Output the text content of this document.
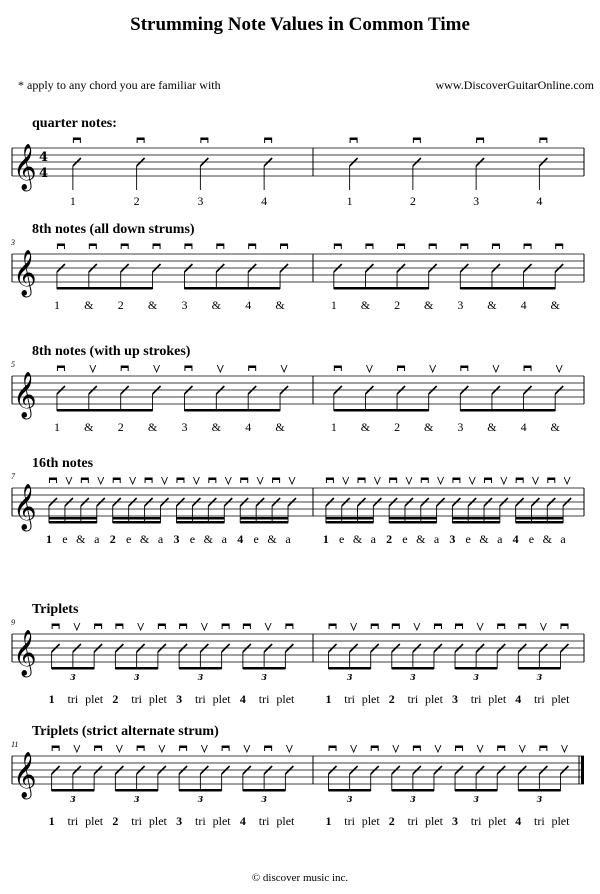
Strumming Note Values in Common Time
* apply to any chord you are familiar with	www.DiscoverGuitarOnline.com
quarter notes:
𝄞 4
4
1	2	3	4	1	2	3	4
8th notes (all down strums)
3
𝄞
1	&	2	&	3	&	4	&	1	&	2	&	3	&	4	&
8th notes (with up strokes)
5
𝄞
1	&	2	&	3	&	4	&	1	&	2	&	3	&	4	&
16th notes
7
𝄞
1 e & a 2 e & a 3 e & a 4 e & a	1 e & a 2 e & a 3 e & a 4 e & a
Triplets
9
𝄞
3	3	3	3	3	3	3	3
1	tri plet 2	tri plet 3	tri plet 4	tri plet	1	tri plet 2	tri plet 3	tri plet 4	tri plet
Triplets (strict alternate strum)
11
𝄞
3	3	3	3	3	3	3	3
1	tri plet 2	tri plet 3	tri plet 4	tri plet	1	tri plet 2	tri plet 3	tri plet 4	tri plet
© discover music inc.
